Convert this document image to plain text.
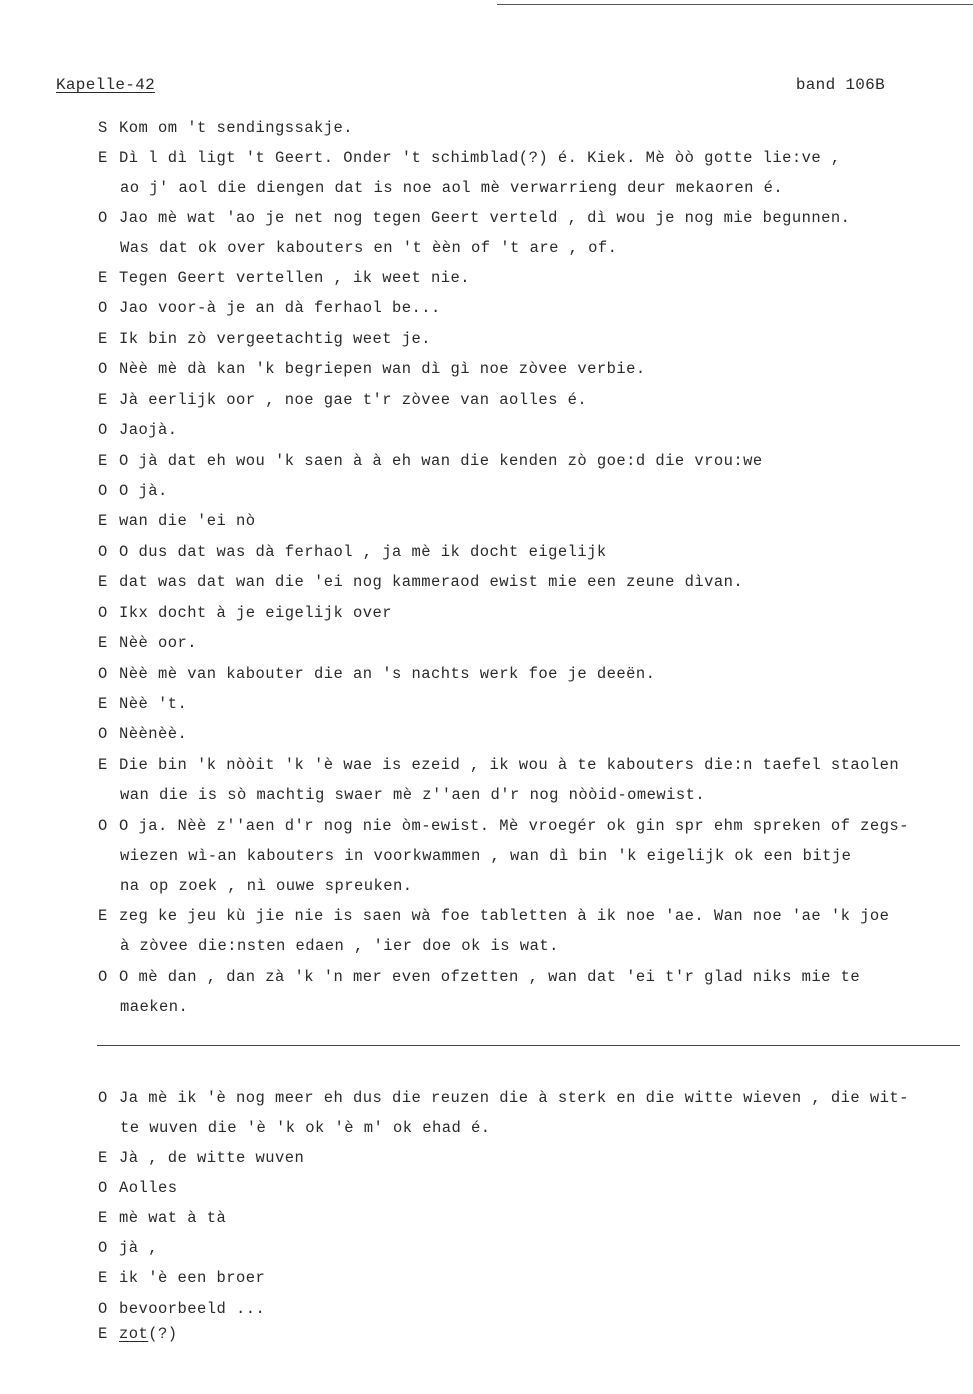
Kapelle-42	band 106B
S Kom om 't sendingssakje.
E Dì l dì ligt 't Geert. Onder 't schimblad(?) é. Kiek. Mè òò gotte lie:ve ,
ao j' aol die diengen dat is noe aol mè verwarrieng deur mekaoren é.
O Jao mè wat 'ao je net nog tegen Geert verteld , dì wou je nog mie begunnen.
Was dat ok over kabouters en 't èèn of 't are , of.
E Tegen Geert vertellen , ik weet nie.
O Jao voor-à je an dà ferhaol be...
E Ik bin zò vergeetachtig weet je.
O Nèè mè dà kan 'k begriepen wan dì gì noe zòvee verbie.
E Jà eerlijk oor , noe gae t'r zòvee van aolles é.
O Jaojà.
E O jà dat eh wou 'k saen à à eh wan die kenden zò goe:d die vrou:we
O O jà.
E wan die 'ei nò
O O dus dat was dà ferhaol , ja mè ik docht eigelijk
E dat was dat wan die 'ei nog kammeraod ewist mie een zeune dìvan.
O Ikx docht à je eigelijk over
E Nèè oor.
O Nèè mè van kabouter die an 's nachts werk foe je deeën.
E Nèè 't.
O Nèènèè.
E Die bin 'k nòòit 'k 'è wae is ezeid , ik wou à te kabouters die:n taefel staolen
wan die is sò machtig swaer mè z''aen d'r nog nòòid-omewist.
O O ja. Nèè z''aen d'r nog nie òm-ewist. Mè vroegér ok gin spr ehm spreken of zegs-
wiezen wì-an kabouters in voorkwammen , wan dì bin 'k eigelijk ok een bitje
na op zoek , nì ouwe spreuken.
E zeg ke jeu kù jie nie is saen wà foe tabletten à ik noe 'ae. Wan noe 'ae 'k joe
à zòvee die:nsten edaen , 'ier doe ok is wat.
O O mè dan , dan zà 'k 'n mer even ofzetten , wan dat 'ei t'r glad niks mie te
maeken.
O Ja mè ik 'è nog meer eh dus die reuzen die à sterk en die witte wieven , die wit-
te wuven die 'è 'k ok 'è m' ok ehad é.
E Jà , de witte wuven
O Aolles
E mè wat à tà
O jà ,
E ik 'è een broer
O bevoorbeeld ...
E zot(?)
